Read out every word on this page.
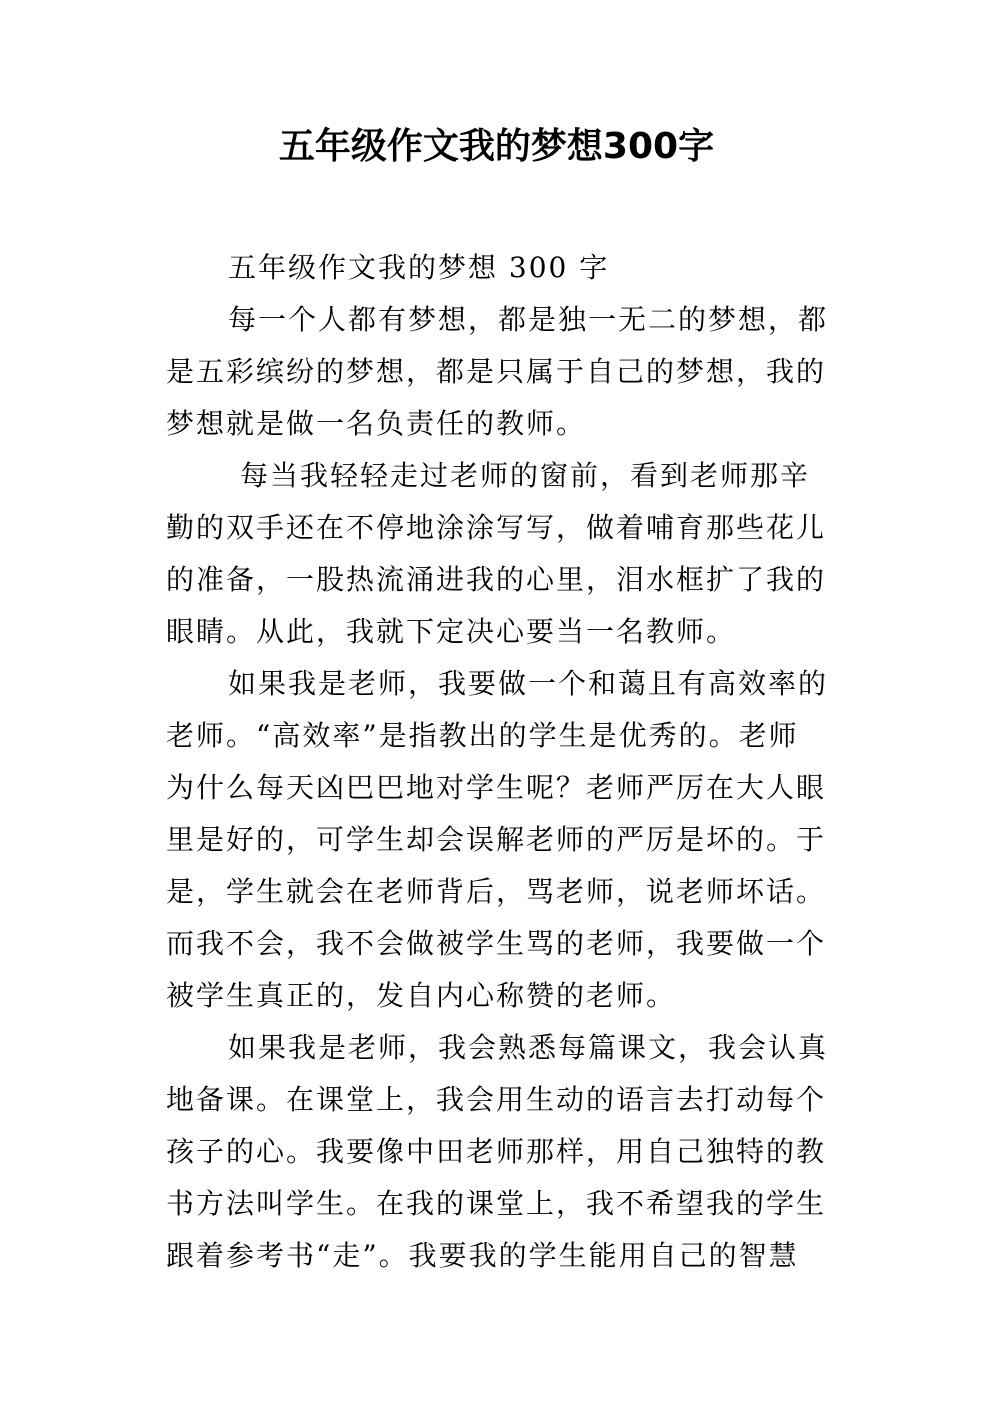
五年级作文我的梦想300字
五年级作文我的梦想 300 字
每一个人都有梦想，都是独一无二的梦想，都
是五彩缤纷的梦想，都是只属于自己的梦想，我的
梦想就是做一名负责任的教师。
每当我轻轻走过老师的窗前，看到老师那辛
勤的双手还在不停地涂涂写写，做着哺育那些花儿
的准备，一股热流涌进我的心里，泪水框扩了我的
眼睛。从此，我就下定决心要当一名教师。
如果我是老师，我要做一个和蔼且有高效率的
老师。“高效率”是指教出的学生是优秀的。老师
为什么每天凶巴巴地对学生呢？老师严厉在大人眼
里是好的，可学生却会误解老师的严厉是坏的。于
是，学生就会在老师背后，骂老师，说老师坏话。
而我不会，我不会做被学生骂的老师，我要做一个
被学生真正的，发自内心称赞的老师。
如果我是老师，我会熟悉每篇课文，我会认真
地备课。在课堂上，我会用生动的语言去打动每个
孩子的心。我要像中田老师那样，用自己独特的教
书方法叫学生。在我的课堂上，我不希望我的学生
跟着参考书“走”。我要我的学生能用自己的智慧
